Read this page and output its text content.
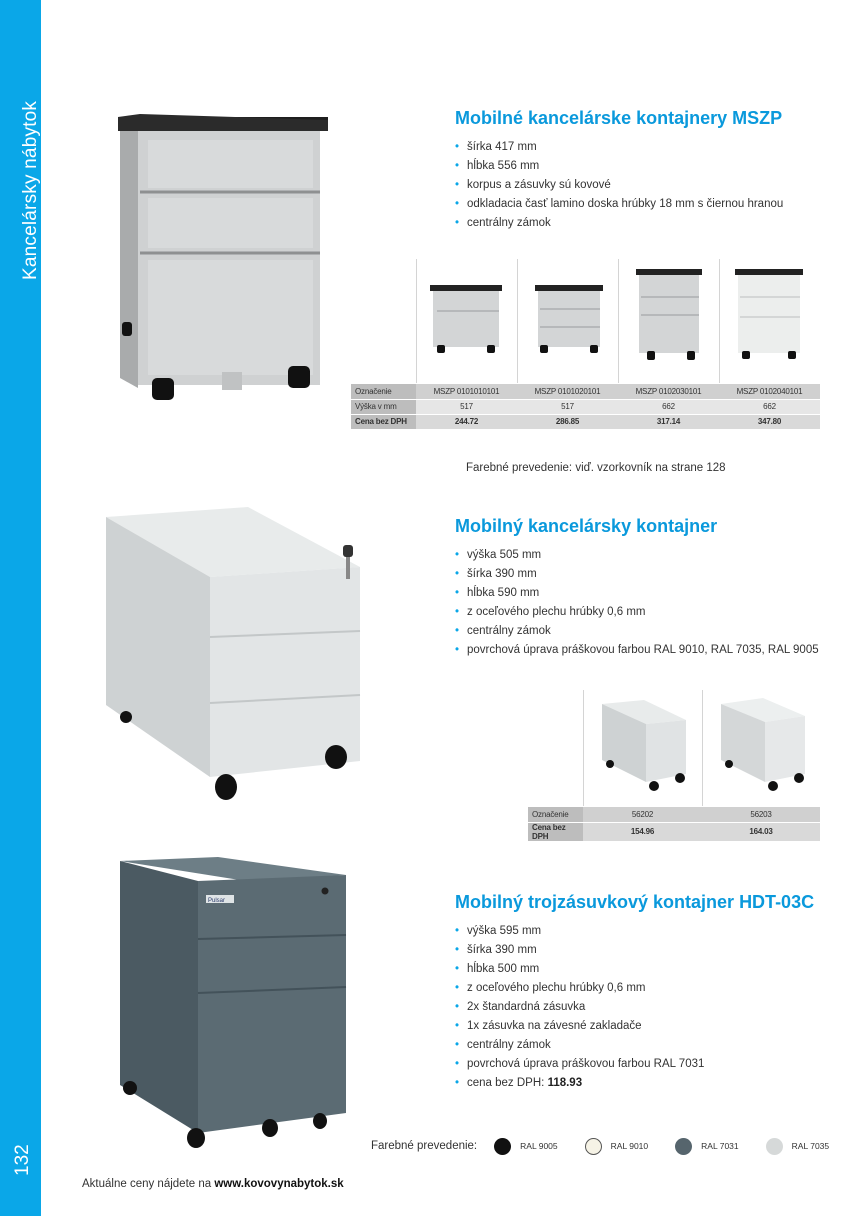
Kancelársky nábytok
132
Mobilné kancelárske kontajnery MSZP
• šírka 417 mm
• hĺbka 556 mm
• korpus a zásuvky sú kovové
• odkladacia časť lamino doska hrúbky 18 mm s čiernou hranou
• centrálny zámok
Označenie	MSZP 0101010101	MSZP 0101020101	MSZP 0102030101	MSZP 0102040101
Výška v mm	517	517	662	662
Cena bez DPH	244.72	286.85	317.14	347.80
Farebné prevedenie: viď. vzorkovník na strane 128
Mobilný kancelársky kontajner
• výška 505 mm
• šírka 390 mm
• hĺbka 590 mm
• z oceľového plechu hrúbky 0,6 mm
• centrálny zámok
• povrchová úprava práškovou farbou RAL 9010, RAL 7035, RAL 9005
Označenie	56202	56203
Cena bez DPH	154.96	164.03
Pulsar	Mobilný trojzásuvkový kontajner HDT-03C
• výška 595 mm
• šírka 390 mm
• hĺbka 500 mm
• z oceľového plechu hrúbky 0,6 mm
• 2x štandardná zásuvka
• 1x zásuvka na závesné zakladače
• centrálny zámok
• povrchová úprava práškovou farbou RAL 7031
• cena bez DPH: 118.93
Farebné prevedenie:	RAL 9005	RAL 9010	RAL 7031	RAL 7035
Aktuálne ceny nájdete na www.kovovynabytok.sk
